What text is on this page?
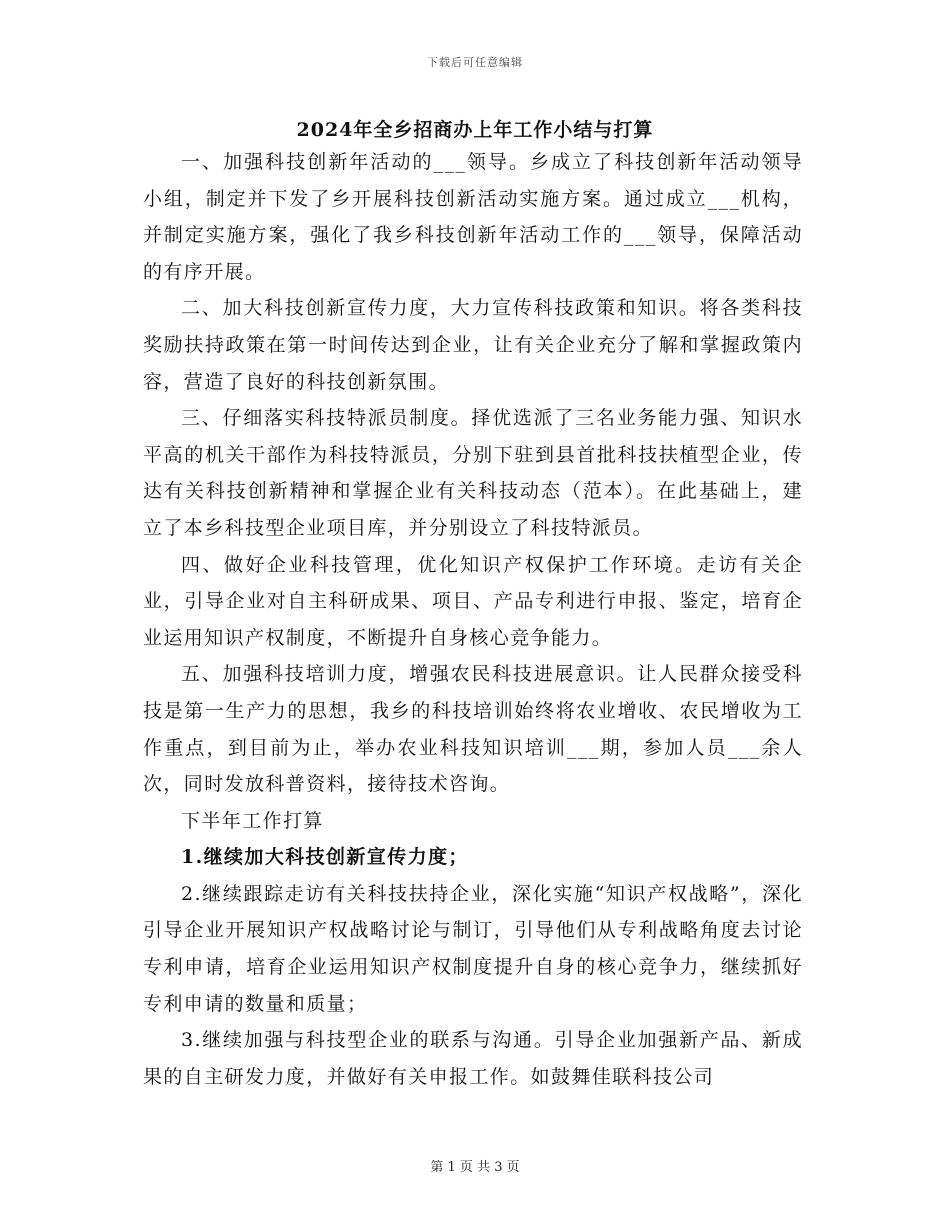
下载后可任意编辑
2024年全乡招商办上年工作小结与打算

一、加强科技创新年活动的___领导。乡成立了科技创新年活动领导小组，制定并下发了乡开展科技创新活动实施方案。通过成立___机构，并制定实施方案，强化了我乡科技创新年活动工作的___领导，保障活动的有序开展。

二、加大科技创新宣传力度，大力宣传科技政策和知识。将各类科技奖励扶持政策在第一时间传达到企业，让有关企业充分了解和掌握政策内容，营造了良好的科技创新氛围。

三、仔细落实科技特派员制度。择优选派了三名业务能力强、知识水平高的机关干部作为科技特派员，分别下驻到县首批科技扶植型企业，传达有关科技创新精神和掌握企业有关科技动态（范本）。在此基础上，建立了本乡科技型企业项目库，并分别设立了科技特派员。

四、做好企业科技管理，优化知识产权保护工作环境。走访有关企业，引导企业对自主科研成果、项目、产品专利进行申报、鉴定，培育企业运用知识产权制度，不断提升自身核心竞争能力。

五、加强科技培训力度，增强农民科技进展意识。让人民群众接受科技是第一生产力的思想，我乡的科技培训始终将农业增收、农民增收为工作重点，到目前为止，举办农业科技知识培训___期，参加人员___余人次，同时发放科普资料，接待技术咨询。

下半年工作打算

1.继续加大科技创新宣传力度；

2.继续跟踪走访有关科技扶持企业，深化实施“知识产权战略”，深化引导企业开展知识产权战略讨论与制订，引导他们从专利战略角度去讨论专利申请，培育企业运用知识产权制度提升自身的核心竞争力，继续抓好专利申请的数量和质量；

3.继续加强与科技型企业的联系与沟通。引导企业加强新产品、新成果的自主研发力度，并做好有关申报工作。如鼓舞佳联科技公司

第 1 页 共 3 页
